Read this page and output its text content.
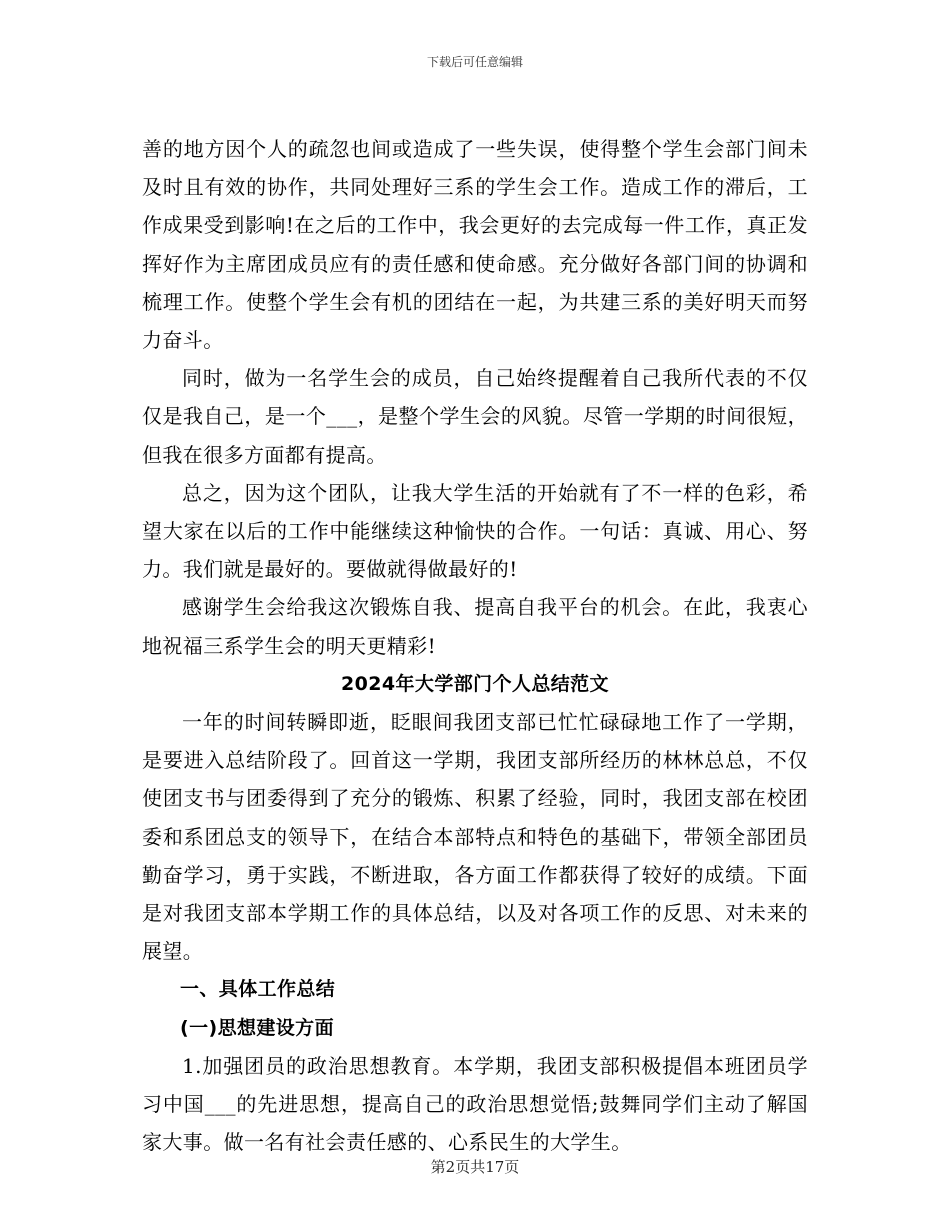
下载后可任意编辑

善的地方因个人的疏忽也间或造成了一些失误，使得整个学生会部门间未及时且有效的协作，共同处理好三系的学生会工作。造成工作的滞后，工作成果受到影响!在之后的工作中，我会更好的去完成每一件工作，真正发挥好作为主席团成员应有的责任感和使命感。充分做好各部门间的协调和梳理工作。使整个学生会有机的团结在一起，为共建三系的美好明天而努力奋斗。

同时，做为一名学生会的成员，自己始终提醒着自己我所代表的不仅仅是我自己，是一个___，是整个学生会的风貌。尽管一学期的时间很短，但我在很多方面都有提高。

总之，因为这个团队，让我大学生活的开始就有了不一样的色彩，希望大家在以后的工作中能继续这种愉快的合作。一句话：真诚、用心、努力。我们就是最好的。要做就得做最好的!

感谢学生会给我这次锻炼自我、提高自我平台的机会。在此，我衷心地祝福三系学生会的明天更精彩!

2024年大学部门个人总结范文

一年的时间转瞬即逝，眨眼间我团支部已忙忙碌碌地工作了一学期，是要进入总结阶段了。回首这一学期，我团支部所经历的林林总总，不仅使团支书与团委得到了充分的锻炼、积累了经验，同时，我团支部在校团委和系团总支的领导下，在结合本部特点和特色的基础下，带领全部团员勤奋学习，勇于实践，不断进取，各方面工作都获得了较好的成绩。下面是对我团支部本学期工作的具体总结，以及对各项工作的反思、对未来的展望。

一、具体工作总结

(一)思想建设方面

1.加强团员的政治思想教育。本学期，我团支部积极提倡本班团员学习中国___的先进思想，提高自己的政治思想觉悟;鼓舞同学们主动了解国家大事。做一名有社会责任感的、心系民生的大学生。

第2页共17页
